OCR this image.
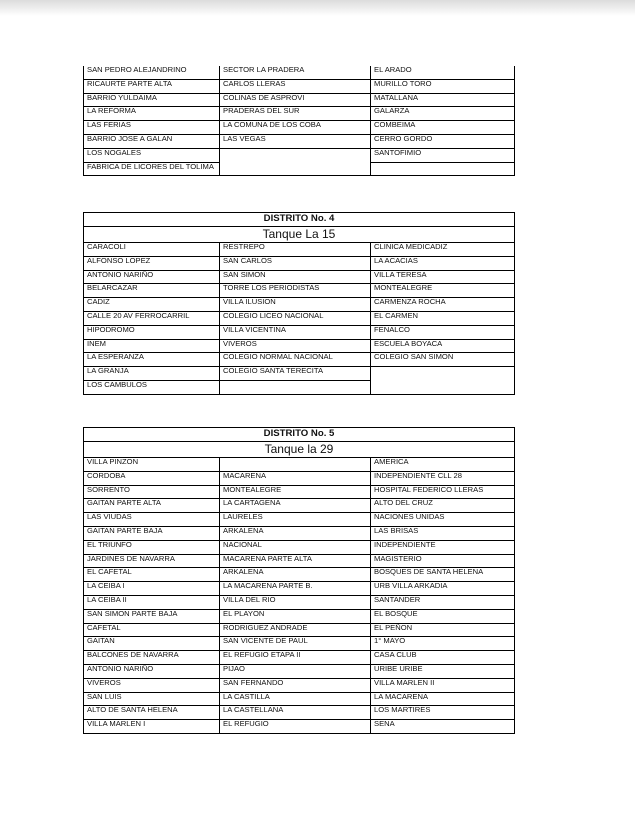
SAN PEDRO ALEJANDRINO	SECTOR LA PRADERA	EL ARADO
RICAURTE PARTE ALTA	CARLOS LLERAS	MURILLO TORO
BARRIO YULDAIMA	COLINAS DE ASPROVI	MATALLANA
LA REFORMA	PRADERAS DEL SUR	GALARZA
LAS FERIAS	LA COMUNA DE LOS COBA	COMBEIMA
BARRIO JOSE A GALAN	LAS VEGAS	CERRO GORDO
LOS NOGALES		SANTOFIMIO
FABRICA DE LICORES DEL TOLIMA		
DISTRITO No. 4		
Tanque La 15		
CARACOLI	RESTREPO	CLINICA MEDICADIZ
ALFONSO LOPEZ	SAN CARLOS	LA ACACIAS
ANTONIO NARIÑO	SAN SIMON	VILLA TERESA
BELARCAZAR	TORRE LOS PERIODISTAS	MONTEALEGRE
CADIZ	VILLA ILUSION	CARMENZA ROCHA
CALLE 20 AV FERROCARRIL	COLEGIO LICEO NACIONAL	EL CARMEN
HIPODROMO	VILLA VICENTINA	FENALCO
INEM	VIVEROS	ESCUELA BOYACA
LA ESPERANZA	COLEGIO NORMAL NACIONAL	COLEGIO SAN SIMON
LA GRANJA	COLEGIO SANTA TERECITA	
LOS CAMBULOS		
DISTRITO No. 5		
Tanque la 29		
VILLA PINZON		AMERICA
CORDOBA	MACARENA	INDEPENDIENTE CLL 28
SORRENTO	MONTEALEGRE	HOSPITAL FEDERICO LLERAS
GAITAN PARTE ALTA	LA CARTAGENA	ALTO DEL CRUZ
LAS VIUDAS	LAURELES	NACIONES UNIDAS
GAITAN PARTE BAJA	ARKALENA	LAS BRISAS
EL TRIUNFO	NACIONAL	INDEPENDIENTE
JARDINES DE NAVARRA	MACARENA PARTE ALTA	MAGISTERIO
EL CAFETAL	ARKALENA	BOSQUES DE SANTA HELENA
LA CEIBA I	LA MACARENA PARTE B.	URB VILLA ARKADIA
LA CEIBA II	VILLA DEL RIO	SANTANDER
SAN SIMON PARTE BAJA	EL PLAYON	EL BOSQUE
CAFETAL	RODRIGUEZ ANDRADE	EL PEÑON
GAITAN	SAN VICENTE DE PAUL	1° MAYO
BALCONES DE NAVARRA	EL REFUGIO ETAPA II	CASA CLUB
ANTONIO NARIÑO	PIJAO	URIBE URIBE
VIVEROS	SAN FERNANDO	VILLA MARLEN II
SAN LUIS	LA CASTILLA	LA MACARENA
ALTO DE SANTA HELENA	LA CASTELLANA	LOS MARTIRES
VILLA MARLEN I	EL REFUGIO	SENA
